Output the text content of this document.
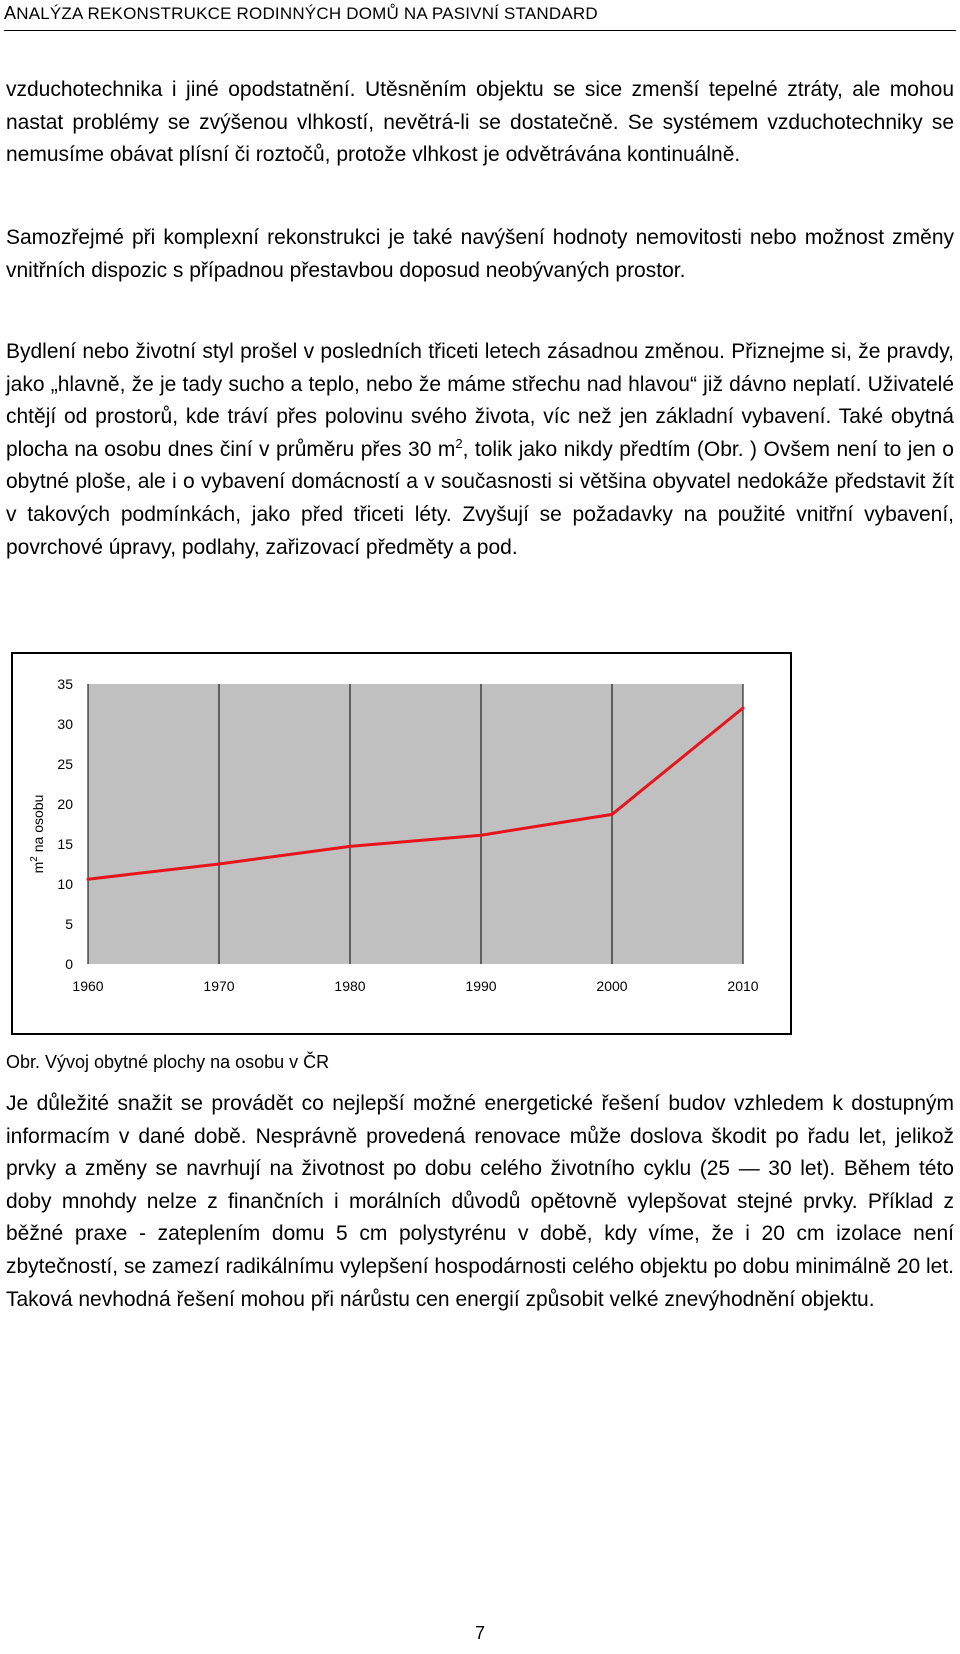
ANALÝZA REKONSTRUKCE RODINNÝCH DOMŮ NA PASIVNÍ STANDARD
vzduchotechnika i jiné opodstatnění. Utěsněním objektu se sice zmenší tepelné ztráty, ale mohou nastat problémy se zvýšenou vlhkostí, nevětrá-li se dostatečně. Se systémem vzduchotechniky se nemusíme obávat plísní či roztočů, protože vlhkost je odvětrávána kontinuálně.
Samozřejmé při komplexní rekonstrukci je také navýšení hodnoty nemovitosti nebo možnost změny vnitřních dispozic s případnou přestavbou doposud neobývaných prostor.
Bydlení nebo životní styl prošel v posledních třiceti letech zásadnou změnou. Přiznejme si, že pravdy, jako „hlavně, že je tady sucho a teplo, nebo že máme střechu nad hlavou“ již dávno neplatí. Uživatelé chtějí od prostorů, kde tráví přes polovinu svého života, víc než jen základní vybavení. Také obytná plocha na osobu dnes činí v průměru přes 30 $m^2$, tolik jako nikdy předtím (Obr. ) Ovšem není to jen o obytné ploše, ale i o vybavení domácností a v současnosti si většina obyvatel nedokáže představit žít v takových podmínkách, jako před třiceti léty. Zvyšují se požadavky na použité vnitřní vybavení, povrchové úpravy, podlahy, zařizovací předměty a pod.
0
5
10
15
20
25
30
35
1960	1970	1980	1990	2000	2010
$m^2$ na osobu
Obr. Vývoj obytné plochy na osobu v ČR
Je důležité snažit se provádět co nejlepší možné energetické řešení budov vzhledem k dostupným informacím v dané době. Nesprávně provedená renovace může doslova škodit po řadu let, jelikož prvky a změny se navrhují na životnost po dobu celého životního cyklu (25 — 30 let). Během této doby mnohdy nelze z finančních i morálních důvodů opětovně vylepšovat stejné prvky. Příklad z běžné praxe - zateplením domu 5 cm polystyrénu v době, kdy víme, že i 20 cm izolace není zbytečností, se zamezí radikálnímu vylepšení hospodárnosti celého objektu po dobu minimálně 20 let. Taková nevhodná řešení mohou při nárůstu cen energií způsobit velké znevýhodnění objektu.
7
